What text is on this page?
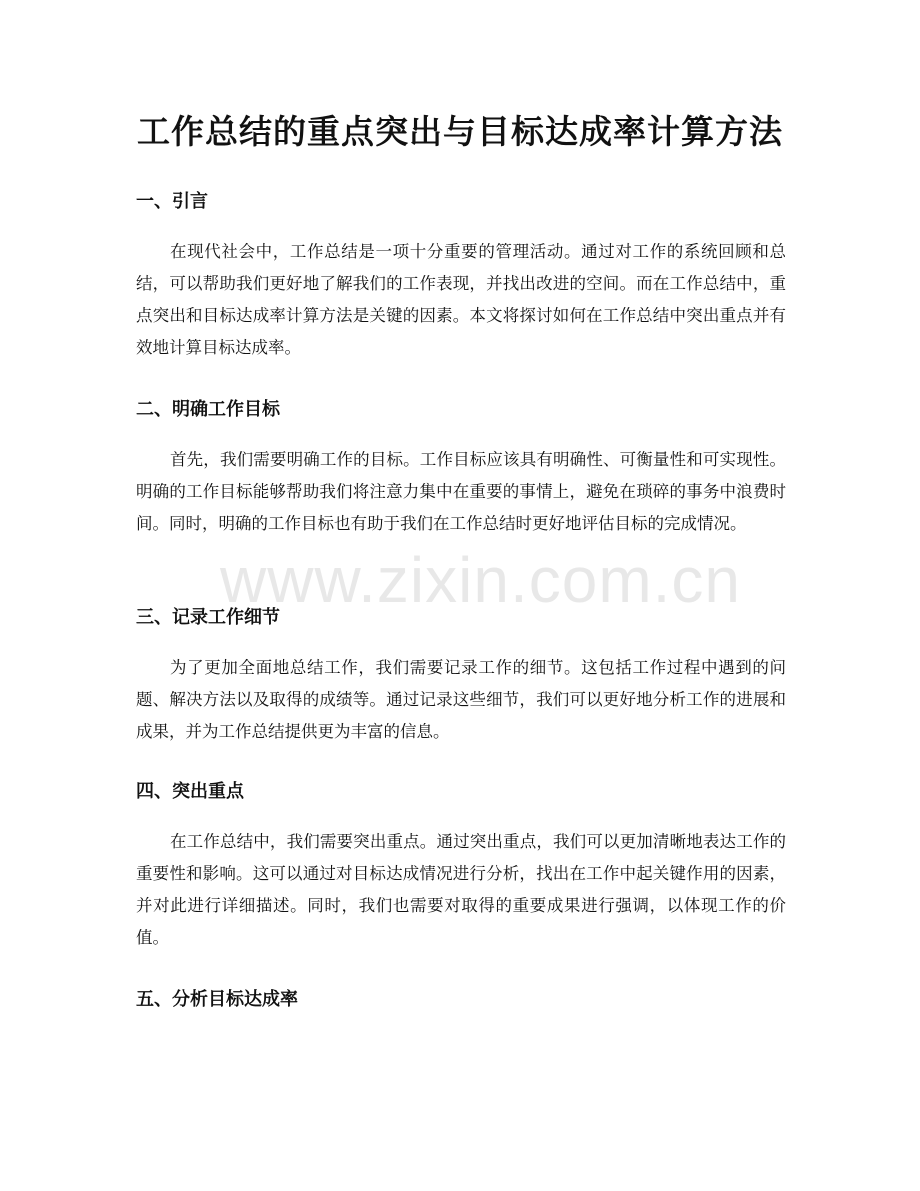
工作总结的重点突出与目标达成率计算方法
一、引言

在现代社会中，工作总结是一项十分重要的管理活动。通过对工作的系统回顾和总结，可以帮助我们更好地了解我们的工作表现，并找出改进的空间。而在工作总结中，重点突出和目标达成率计算方法是关键的因素。本文将探讨如何在工作总结中突出重点并有效地计算目标达成率。

二、明确工作目标

首先，我们需要明确工作的目标。工作目标应该具有明确性、可衡量性和可实现性。明确的工作目标能够帮助我们将注意力集中在重要的事情上，避免在琐碎的事务中浪费时间。同时，明确的工作目标也有助于我们在工作总结时更好地评估目标的完成情况。

三、记录工作细节

为了更加全面地总结工作，我们需要记录工作的细节。这包括工作过程中遇到的问题、解决方法以及取得的成绩等。通过记录这些细节，我们可以更好地分析工作的进展和成果，并为工作总结提供更为丰富的信息。

四、突出重点

在工作总结中，我们需要突出重点。通过突出重点，我们可以更加清晰地表达工作的重要性和影响。这可以通过对目标达成情况进行分析，找出在工作中起关键作用的因素，并对此进行详细描述。同时，我们也需要对取得的重要成果进行强调，以体现工作的价值。

五、分析目标达成率
www.zixin.com.cn
